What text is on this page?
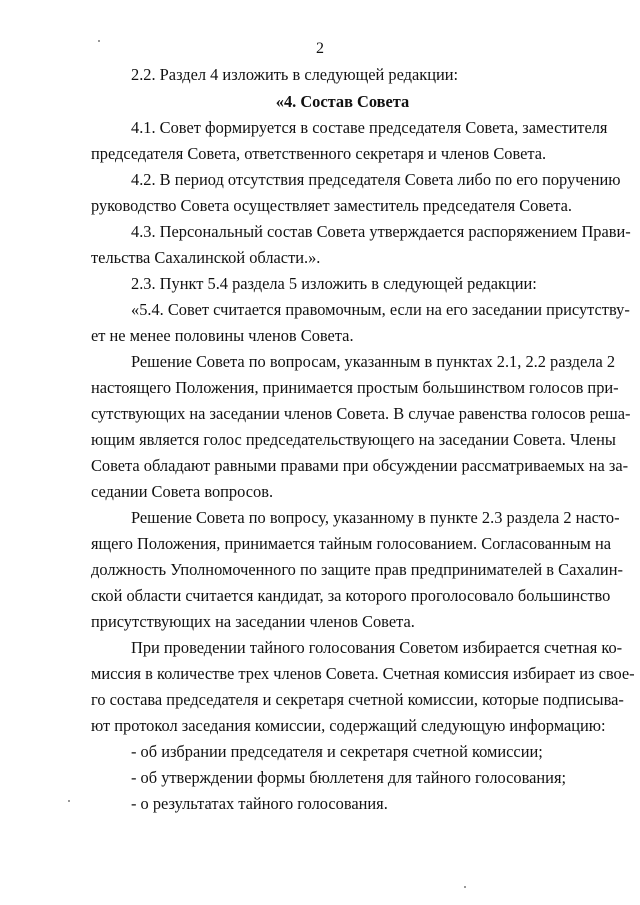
2
2.2. Раздел 4 изложить в следующей редакции:
«4. Состав Совета
4.1. Совет формируется в составе председателя Совета, заместителя
председателя Совета, ответственного секретаря и членов Совета.
4.2. В период отсутствия председателя Совета либо по его поручению
руководство Совета осуществляет заместитель председателя Совета.
4.3. Персональный состав Совета утверждается распоряжением Прави-
тельства Сахалинской области.».
2.3. Пункт 5.4 раздела 5 изложить в следующей редакции:
«5.4. Совет считается правомочным, если на его заседании присутству-
ет не менее половины членов Совета.
Решение Совета по вопросам, указанным в пунктах 2.1, 2.2 раздела 2
настоящего Положения, принимается простым большинством голосов при-
сутствующих на заседании членов Совета. В случае равенства голосов реша-
ющим является голос председательствующего на заседании Совета. Члены
Совета обладают равными правами при обсуждении рассматриваемых на за-
седании Совета вопросов.
Решение Совета по вопросу, указанному в пункте 2.3 раздела 2 насто-
ящего Положения, принимается тайным голосованием. Согласованным на
должность Уполномоченного по защите прав предпринимателей в Сахалин-
ской области считается кандидат, за которого проголосовало большинство
присутствующих на заседании членов Совета.
При проведении тайного голосования Советом избирается счетная ко-
миссия в количестве трех членов Совета. Счетная комиссия избирает из свое-
го состава председателя и секретаря счетной комиссии, которые подписыва-
ют протокол заседания комиссии, содержащий следующую информацию:
- об избрании председателя и секретаря счетной комиссии;
- об утверждении формы бюллетеня для тайного голосования;
- о результатах тайного голосования.
